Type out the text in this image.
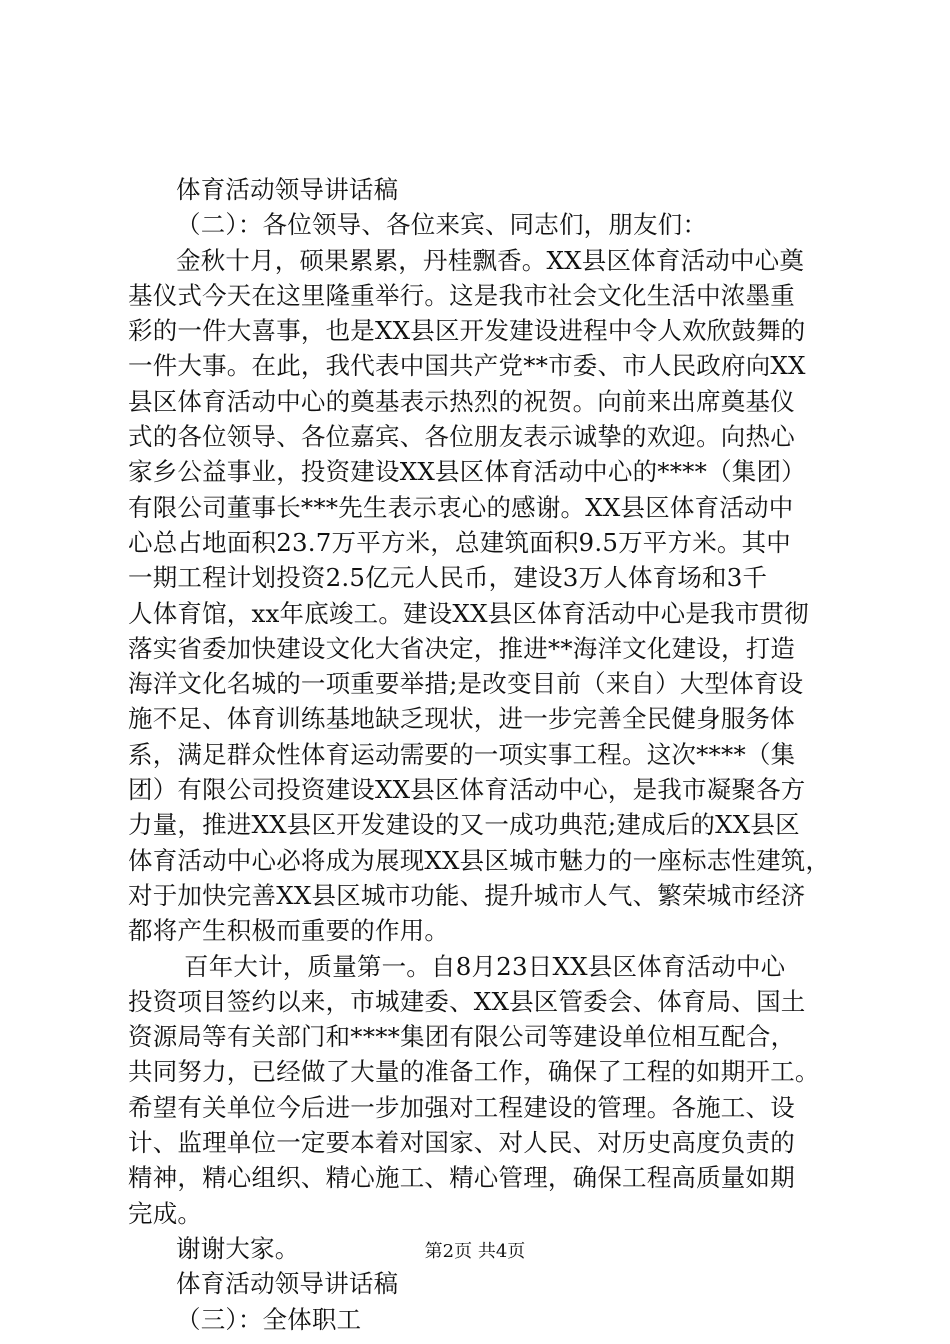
体育活动领导讲话稿
（二）：各位领导、各位来宾、同志们，朋友们：
金秋十月，硕果累累，丹桂飘香。XX县区体育活动中心奠
基仪式今天在这里隆重举行。这是我市社会文化生活中浓墨重
彩的一件大喜事，也是XX县区开发建设进程中令人欢欣鼓舞的
一件大事。在此，我代表中国共产党**市委、市人民政府向XX
县区体育活动中心的奠基表示热烈的祝贺。向前来出席奠基仪
式的各位领导、各位嘉宾、各位朋友表示诚挚的欢迎。向热心
家乡公益事业，投资建设XX县区体育活动中心的****（集团）
有限公司董事长***先生表示衷心的感谢。XX县区体育活动中
心总占地面积23.7万平方米，总建筑面积9.5万平方米。其中
一期工程计划投资2.5亿元人民币，建设3万人体育场和3千
人体育馆，xx年底竣工。建设XX县区体育活动中心是我市贯彻
落实省委加快建设文化大省决定，推进**海洋文化建设，打造
海洋文化名城的一项重要举措;是改变目前（来自）大型体育设
施不足、体育训练基地缺乏现状，进一步完善全民健身服务体
系，满足群众性体育运动需要的一项实事工程。这次****（集
团）有限公司投资建设XX县区体育活动中心，是我市凝聚各方
力量，推进XX县区开发建设的又一成功典范;建成后的XX县区
体育活动中心必将成为展现XX县区城市魅力的一座标志性建筑，
对于加快完善XX县区城市功能、提升城市人气、繁荣城市经济
都将产生积极而重要的作用。
百年大计，质量第一。自8月23日XX县区体育活动中心
投资项目签约以来，市城建委、XX县区管委会、体育局、国土
资源局等有关部门和****集团有限公司等建设单位相互配合，
共同努力，已经做了大量的准备工作，确保了工程的如期开工。
希望有关单位今后进一步加强对工程建设的管理。各施工、设
计、监理单位一定要本着对国家、对人民、对历史高度负责的
精神，精心组织、精心施工、精心管理，确保工程高质量如期
完成。
谢谢大家。
体育活动领导讲话稿
（三）：全体职工
第2页 共4页
